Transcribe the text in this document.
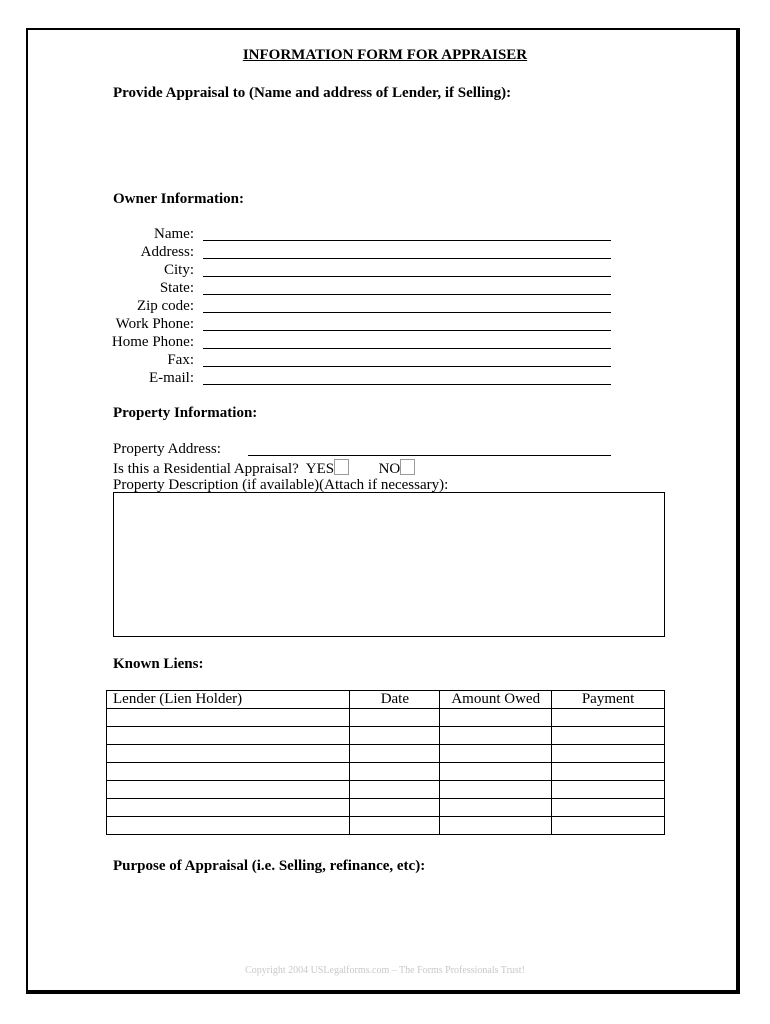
INFORMATION FORM FOR APPRAISER
Provide Appraisal to (Name and address of Lender, if Selling):
Owner Information:
Name:
Address:
City:
State:
Zip code:
Work Phone:
Home Phone:
Fax:
E-mail:
Property Information:
Property Address:
Is this a Residential Appraisal? YES	NO
Property Description (if available)(Attach if necessary):
Known Liens:
Lender (Lien Holder)	Date	Amount Owed	Payment

Purpose of Appraisal (i.e. Selling, refinance, etc):
Copyright 2004 USLegalforms.com – The Forms Professionals Trust!
